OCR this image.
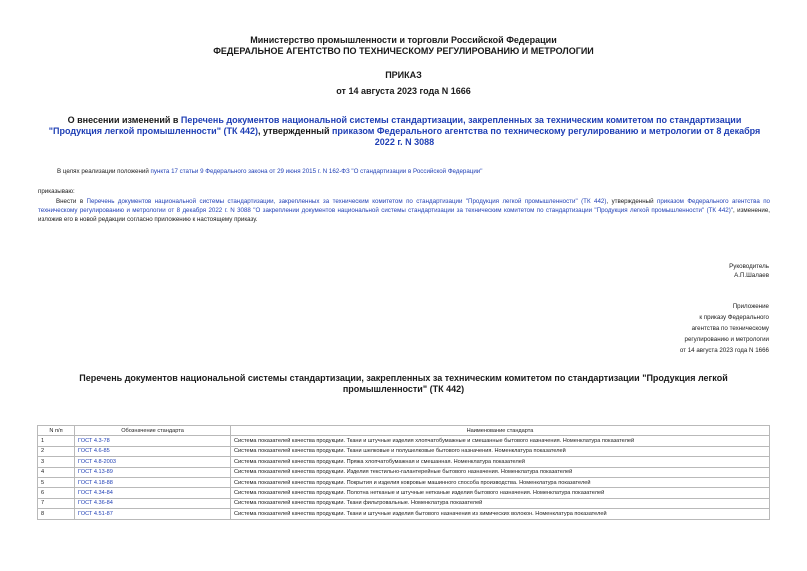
Министерство промышленности и торговли Российской Федерации
ФЕДЕРАЛЬНОЕ АГЕНТСТВО ПО ТЕХНИЧЕСКОМУ РЕГУЛИРОВАНИЮ И МЕТРОЛОГИИ
ПРИКАЗ
от 14 августа 2023 года N 1666
О внесении изменений в Перечень документов национальной системы стандартизации, закрепленных за техническим комитетом по стандартизации "Продукция легкой промышленности" (ТК 442), утвержденный приказом Федерального агентства по техническому регулированию и метрологии от 8 декабря 2022 г. N 3088
В целях реализации положений пункта 17 статьи 9 Федерального закона от 29 июня 2015 г. N 162-ФЗ "О стандартизации в Российской Федерации"
приказываю:
Внести в Перечень документов национальной системы стандартизации, закрепленных за техническим комитетом по стандартизации "Продукция легкой промышленности" (ТК 442), утвержденный приказом Федерального агентства по техническому регулированию и метрологии от 8 декабря 2022 г. N 3088 "О закреплении документов национальной системы стандартизации за техническим комитетом по стандартизации "Продукция легкой промышленности" (ТК 442)", изменение, изложив его в новой редакции согласно приложению к настоящему приказу.
Руководитель
А.П.Шалаев
Приложение
к приказу Федерального
агентства по техническому
регулированию и метрологии
от 14 августа 2023 года N 1666
Перечень документов национальной системы стандартизации, закрепленных за техническим комитетом по стандартизации "Продукция легкой промышленности" (ТК 442)
N п/п	Обозначение стандарта	Наименование стандарта
1	ГОСТ 4.3-78	Система показателей качества продукции. Ткани и штучные изделия хлопчатобумажные и смешанные бытового назначения. Номенклатура показателей
2	ГОСТ 4.6-85	Система показателей качества продукции. Ткани шелковые и полушелковые бытового назначения. Номенклатура показателей
3	ГОСТ 4.8-2003	Система показателей качества продукции. Пряжа хлопчатобумажная и смешанная. Номенклатура показателей
4	ГОСТ 4.13-89	Система показателей качества продукции. Изделия текстильно-галантерейные бытового назначения. Номенклатура показателей
5	ГОСТ 4.18-88	Система показателей качества продукции. Покрытия и изделия ковровые машинного способа производства. Номенклатура показателей
6	ГОСТ 4.34-84	Система показателей качества продукции. Полотна нетканые и штучные нетканые изделия бытового назначения. Номенклатура показателей
7	ГОСТ 4.36-84	Система показателей качества продукции. Ткани фильтровальные. Номенклатура показателей
8	ГОСТ 4.51-87	Система показателей качества продукции. Ткани и штучные изделия бытового назначения из химических волокон. Номенклатура показателей
